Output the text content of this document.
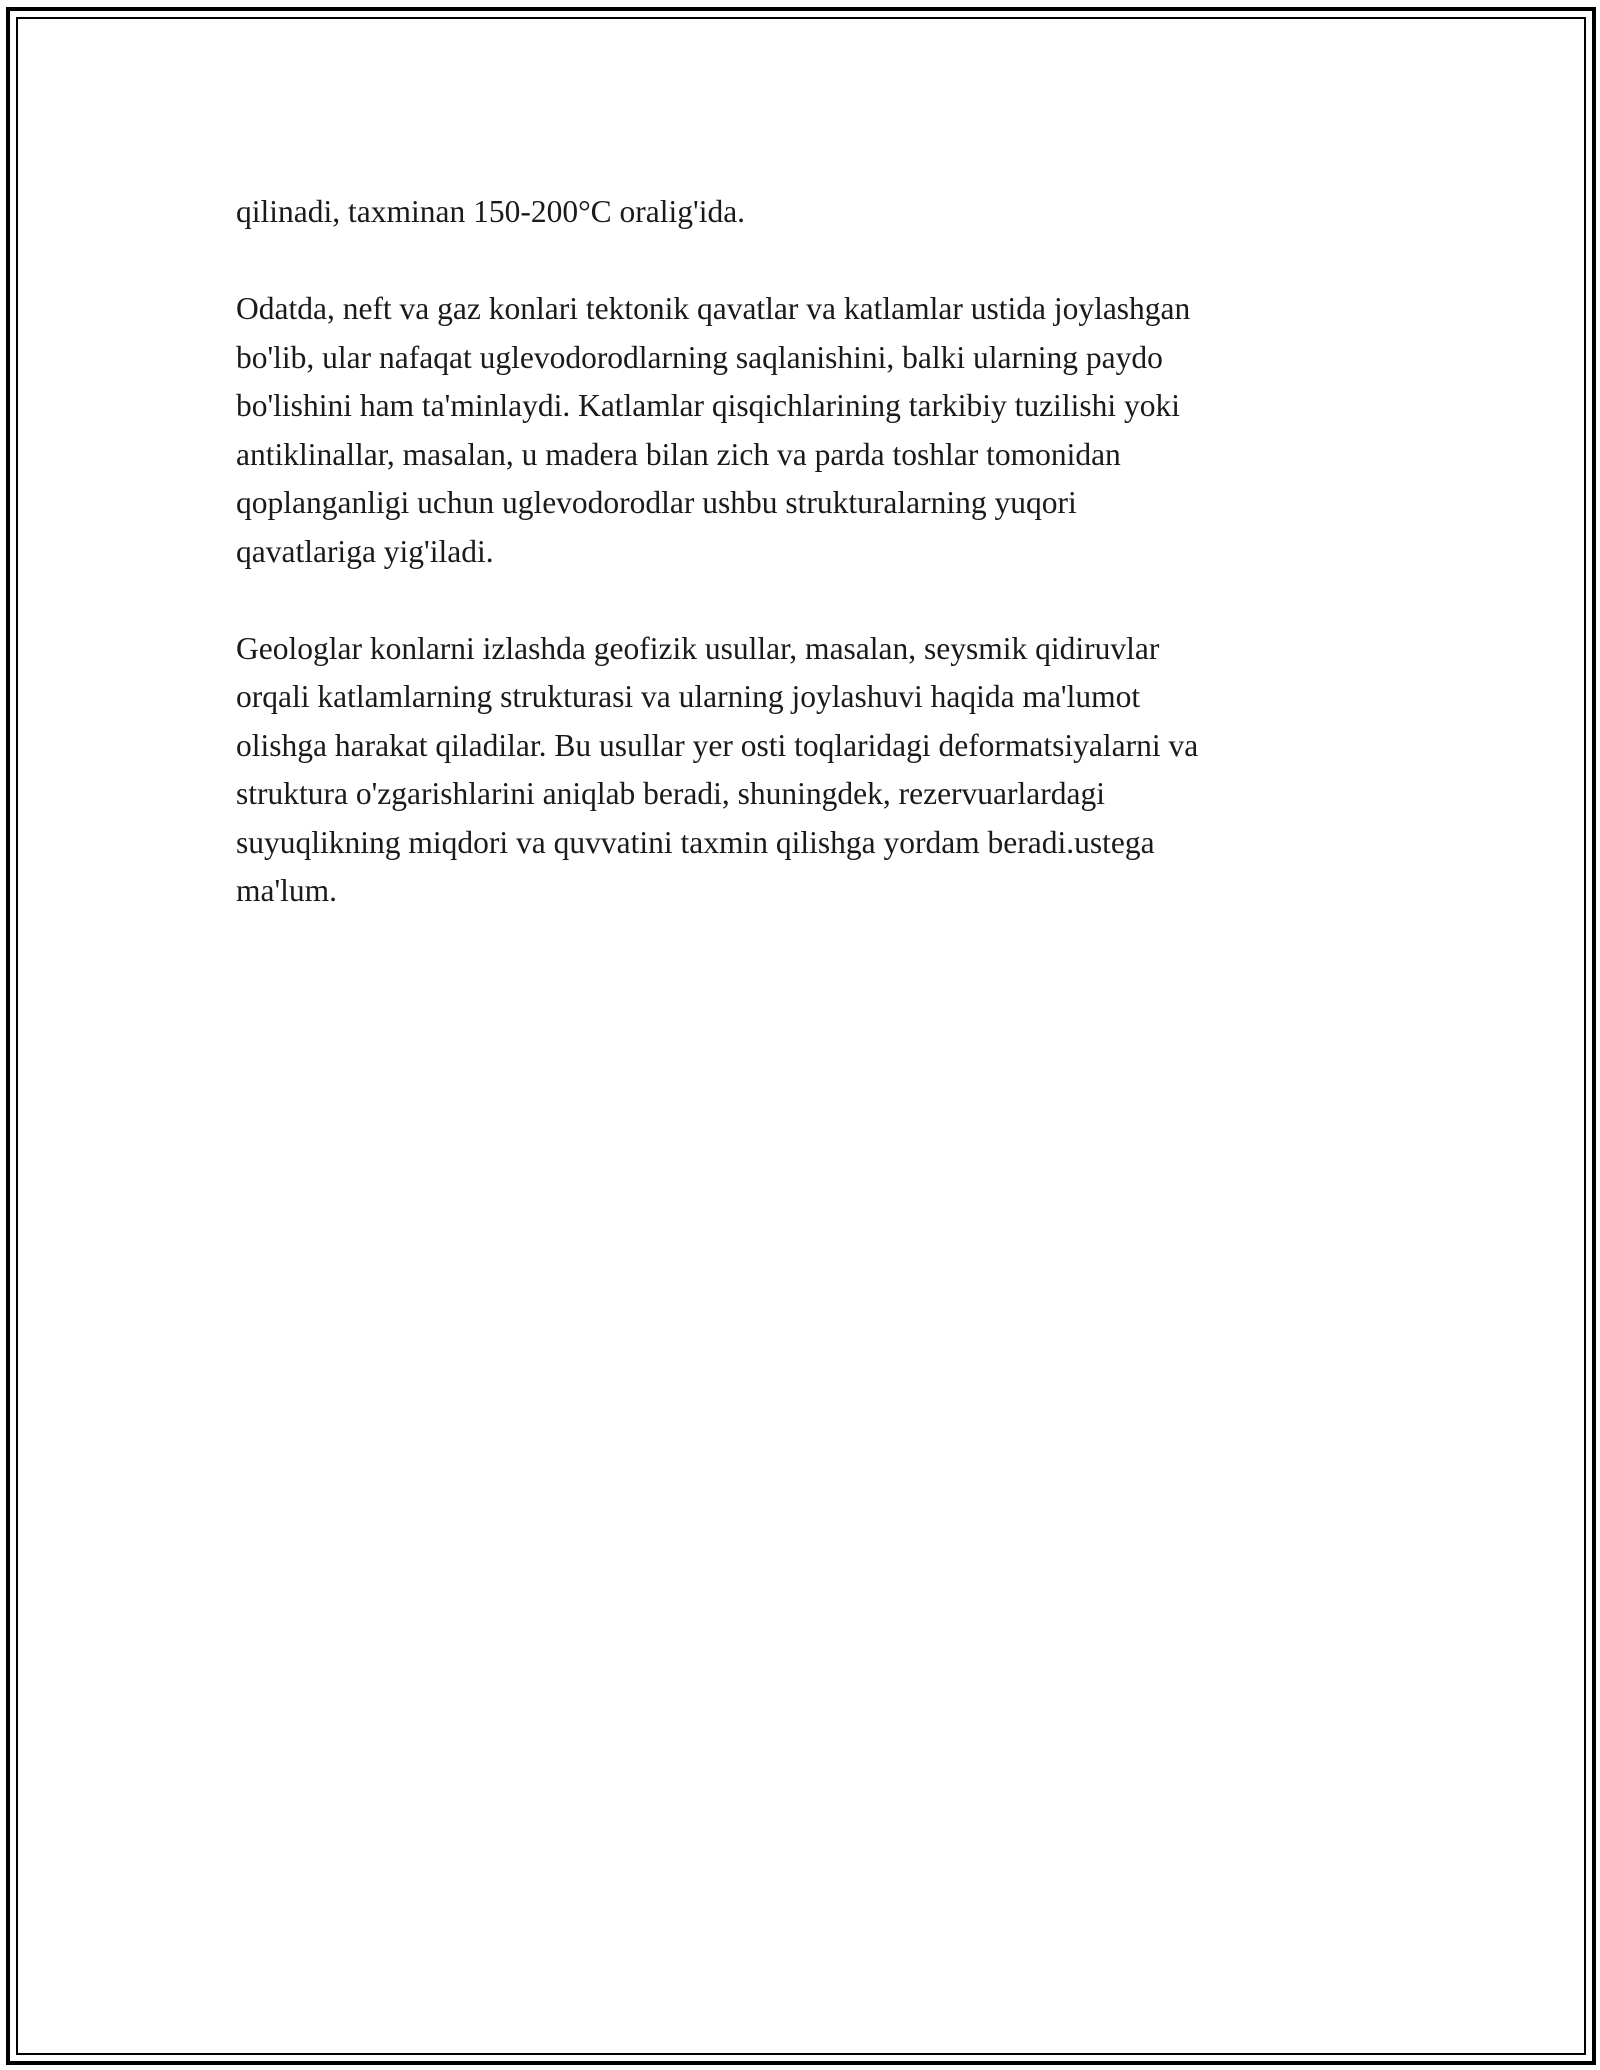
qilinadi, taxminan 150-200°C oralig'ida.

Odatda, neft va gaz konlari tektonik qavatlar va katlamlar ustida joylashgan
bo'lib, ular nafaqat uglevodorodlarning saqlanishini, balki ularning paydo
bo'lishini ham ta'minlaydi. Katlamlar qisqichlarining tarkibiy tuzilishi yoki
antiklinallar, masalan, u madera bilan zich va parda toshlar tomonidan
qoplanganligi uchun uglevodorodlar ushbu strukturalarning yuqori
qavatlariga yig'iladi.

Geologlar konlarni izlashda geofizik usullar, masalan, seysmik qidiruvlar
orqali katlamlarning strukturasi va ularning joylashuvi haqida ma'lumot
olishga harakat qiladilar. Bu usullar yer osti toqlaridagi deformatsiyalarni va
struktura o'zgarishlarini aniqlab beradi, shuningdek, rezervuarlardagi
suyuqlikning miqdori va quvvatini taxmin qilishga yordam beradi.ustega
ma'lum.
